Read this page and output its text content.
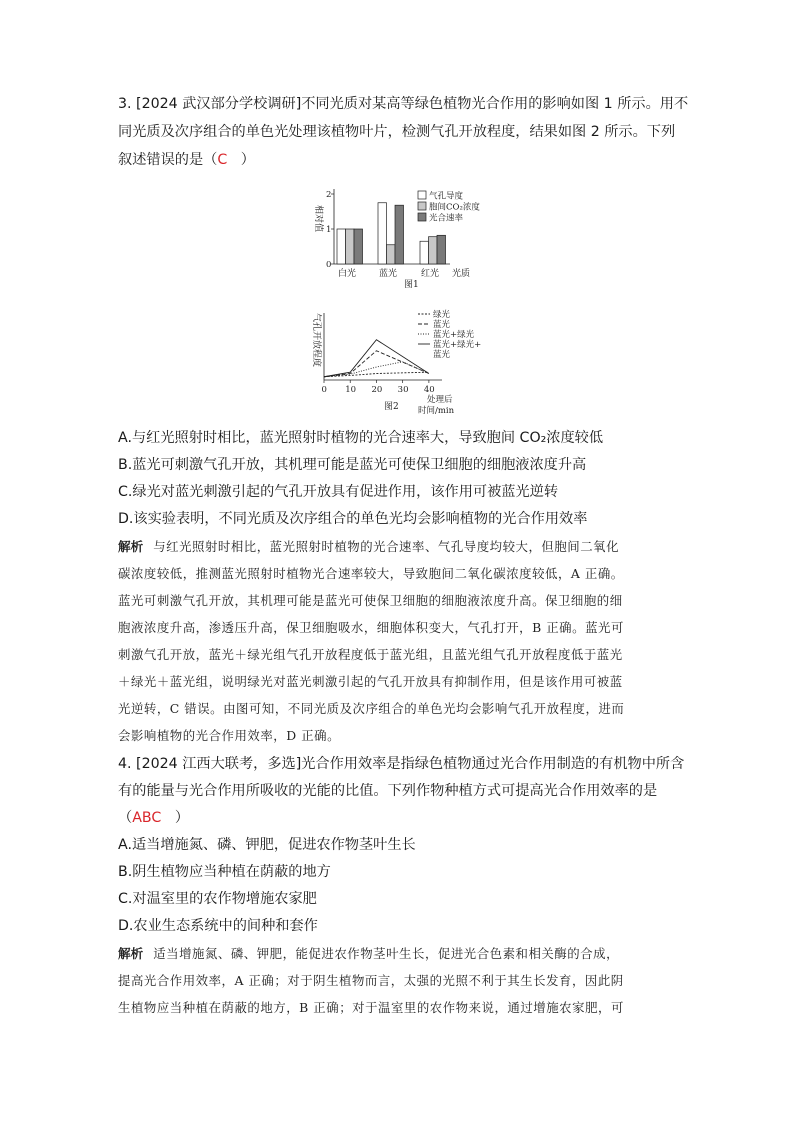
3. [2024 武汉部分学校调研]不同光质对某高等绿色植物光合作用的影响如图 1 所示。用不
同光质及次序组合的单色光处理该植物叶片，检测气孔开放程度，结果如图 2 所示。下列
叙述错误的是（C ）
相对值
0
1
2
白光	蓝光	红光 光质
图1
气孔导度
胞间CO₂浓度
光合速率
气孔开放程度
0 10 20 30 40
绿光
蓝光
蓝光+绿光
蓝光+绿光+
蓝光
图2
处理后
时间/min
A.与红光照射时相比，蓝光照射时植物的光合速率大，导致胞间 CO₂浓度较低
B.蓝光可刺激气孔开放，其机理可能是蓝光可使保卫细胞的细胞液浓度升高
C.绿光对蓝光刺激引起的气孔开放具有促进作用，该作用可被蓝光逆转
D.该实验表明，不同光质及次序组合的单色光均会影响植物的光合作用效率
解析 与红光照射时相比，蓝光照射时植物的光合速率、气孔导度均较大，但胞间二氧化
碳浓度较低，推测蓝光照射时植物光合速率较大，导致胞间二氧化碳浓度较低，A 正确。
蓝光可刺激气孔开放，其机理可能是蓝光可使保卫细胞的细胞液浓度升高。保卫细胞的细
胞液浓度升高，渗透压升高，保卫细胞吸水，细胞体积变大，气孔打开，B 正确。蓝光可
刺激气孔开放，蓝光＋绿光组气孔开放程度低于蓝光组，且蓝光组气孔开放程度低于蓝光
＋绿光＋蓝光组，说明绿光对蓝光刺激引起的气孔开放具有抑制作用，但是该作用可被蓝
光逆转，C 错误。由图可知，不同光质及次序组合的单色光均会影响气孔开放程度，进而
会影响植物的光合作用效率，D 正确。
4. [2024 江西大联考，多选]光合作用效率是指绿色植物通过光合作用制造的有机物中所含
有的能量与光合作用所吸收的光能的比值。下列作物种植方式可提高光合作用效率的是
（ABC ）
A.适当增施氮、磷、钾肥，促进农作物茎叶生长
B.阴生植物应当种植在荫蔽的地方
C.对温室里的农作物增施农家肥
D.农业生态系统中的间种和套作
解析 适当增施氮、磷、钾肥，能促进农作物茎叶生长，促进光合色素和相关酶的合成，
提高光合作用效率，A 正确；对于阴生植物而言，太强的光照不利于其生长发育，因此阴
生植物应当种植在荫蔽的地方，B 正确；对于温室里的农作物来说，通过增施农家肥，可
